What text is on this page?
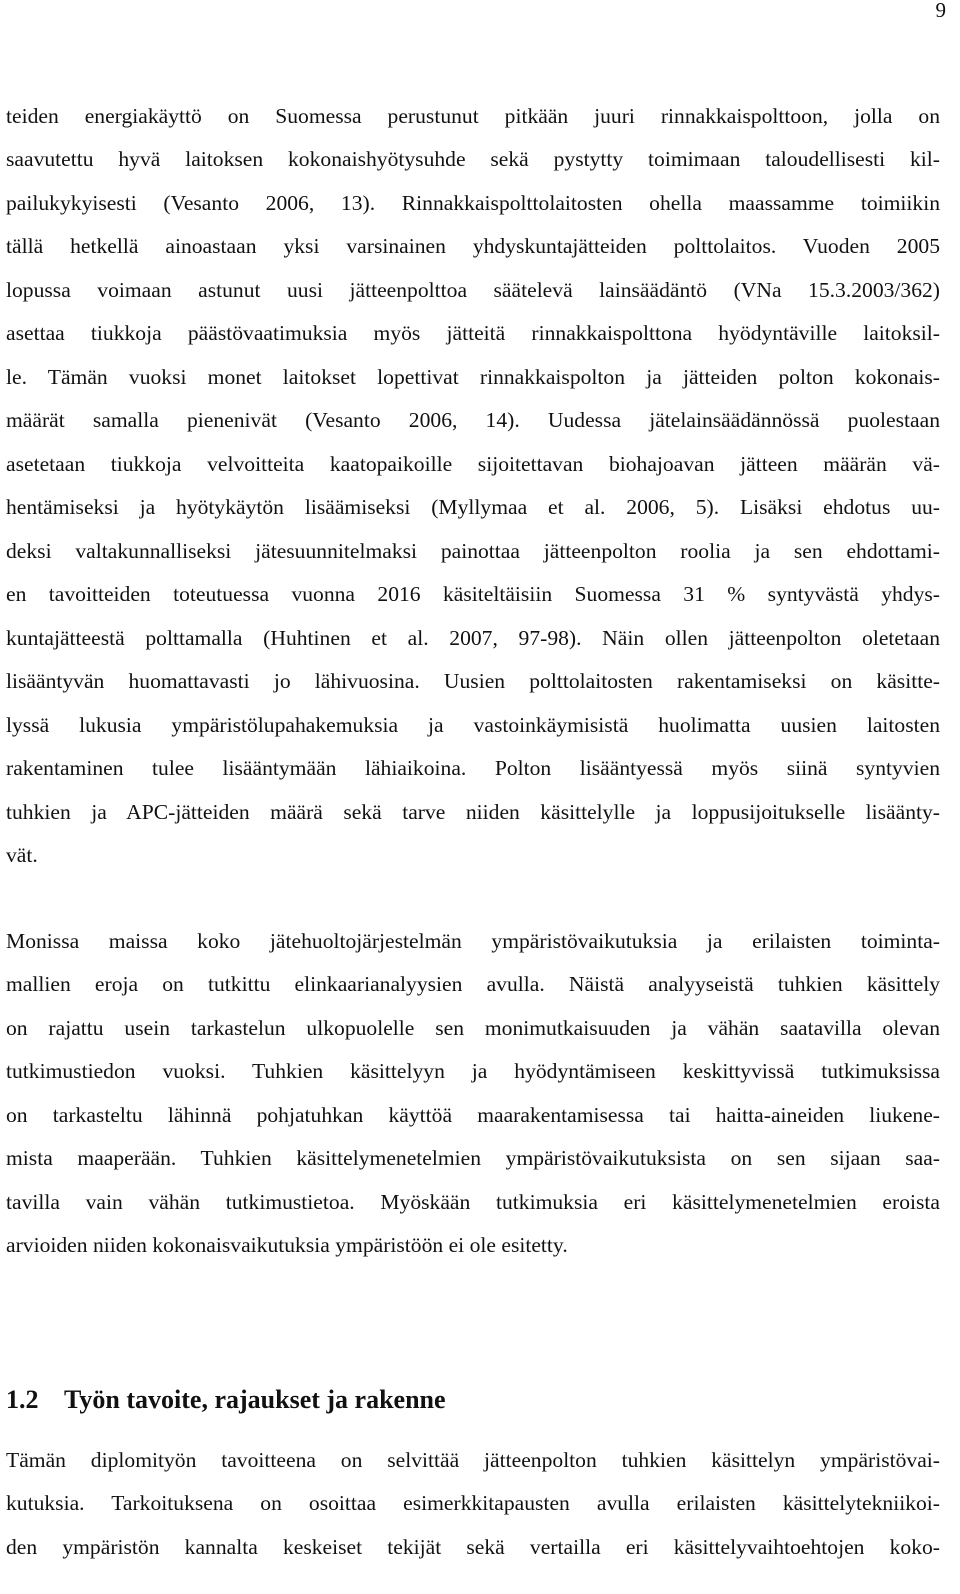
9
teiden energiakäyttö on Suomessa perustunut pitkään juuri rinnakkaispolttoon, jolla on
saavutettu hyvä laitoksen kokonaishyötysuhde sekä pystytty toimimaan taloudellisesti kil-
pailukykyisesti (Vesanto 2006, 13). Rinnakkaispolttolaitosten ohella maassamme toimiikin
tällä hetkellä ainoastaan yksi varsinainen yhdyskuntajätteiden polttolaitos. Vuoden 2005
lopussa voimaan astunut uusi jätteenpolttoa säätelevä lainsäädäntö (VNa 15.3.2003/362)
asettaa tiukkoja päästövaatimuksia myös jätteitä rinnakkaispolttona hyödyntäville laitoksil-
le. Tämän vuoksi monet laitokset lopettivat rinnakkaispolton ja jätteiden polton kokonais-
määrät samalla pienenivät (Vesanto 2006, 14). Uudessa jätelainsäädännössä puolestaan
asetetaan tiukkoja velvoitteita kaatopaikoille sijoitettavan biohajoavan jätteen määrän vä-
hentämiseksi ja hyötykäytön lisäämiseksi (Myllymaa et al. 2006, 5). Lisäksi ehdotus uu-
deksi valtakunnalliseksi jätesuunnitelmaksi painottaa jätteenpolton roolia ja sen ehdottami-
en tavoitteiden toteutuessa vuonna 2016 käsiteltäisiin Suomessa 31 % syntyvästä yhdys-
kuntajätteestä polttamalla (Huhtinen et al. 2007, 97-98). Näin ollen jätteenpolton oletetaan
lisääntyvän huomattavasti jo lähivuosina. Uusien polttolaitosten rakentamiseksi on käsitte-
lyssä lukusia ympäristölupahakemuksia ja vastoinkäymisistä huolimatta uusien laitosten
rakentaminen tulee lisääntymään lähiaikoina. Polton lisääntyessä myös siinä syntyvien
tuhkien ja APC-jätteiden määrä sekä tarve niiden käsittelylle ja loppusijoitukselle lisäänty-
vät.
Monissa maissa koko jätehuoltojärjestelmän ympäristövaikutuksia ja erilaisten toiminta-
mallien eroja on tutkittu elinkaarianalyysien avulla. Näistä analyyseistä tuhkien käsittely
on rajattu usein tarkastelun ulkopuolelle sen monimutkaisuuden ja vähän saatavilla olevan
tutkimustiedon vuoksi. Tuhkien käsittelyyn ja hyödyntämiseen keskittyvissä tutkimuksissa
on tarkasteltu lähinnä pohjatuhkan käyttöä maarakentamisessa tai haitta-aineiden liukene-
mista maaperään. Tuhkien käsittelymenetelmien ympäristövaikutuksista on sen sijaan saa-
tavilla vain vähän tutkimustietoa. Myöskään tutkimuksia eri käsittelymenetelmien eroista
arvioiden niiden kokonaisvaikutuksia ympäristöön ei ole esitetty.
1.2 Työn tavoite, rajaukset ja rakenne
Tämän diplomityön tavoitteena on selvittää jätteenpolton tuhkien käsittelyn ympäristövai-
kutuksia. Tarkoituksena on osoittaa esimerkkitapausten avulla erilaisten käsittelytekniikoi-
den ympäristön kannalta keskeiset tekijät sekä vertailla eri käsittelyvaihtoehtojen koko-
